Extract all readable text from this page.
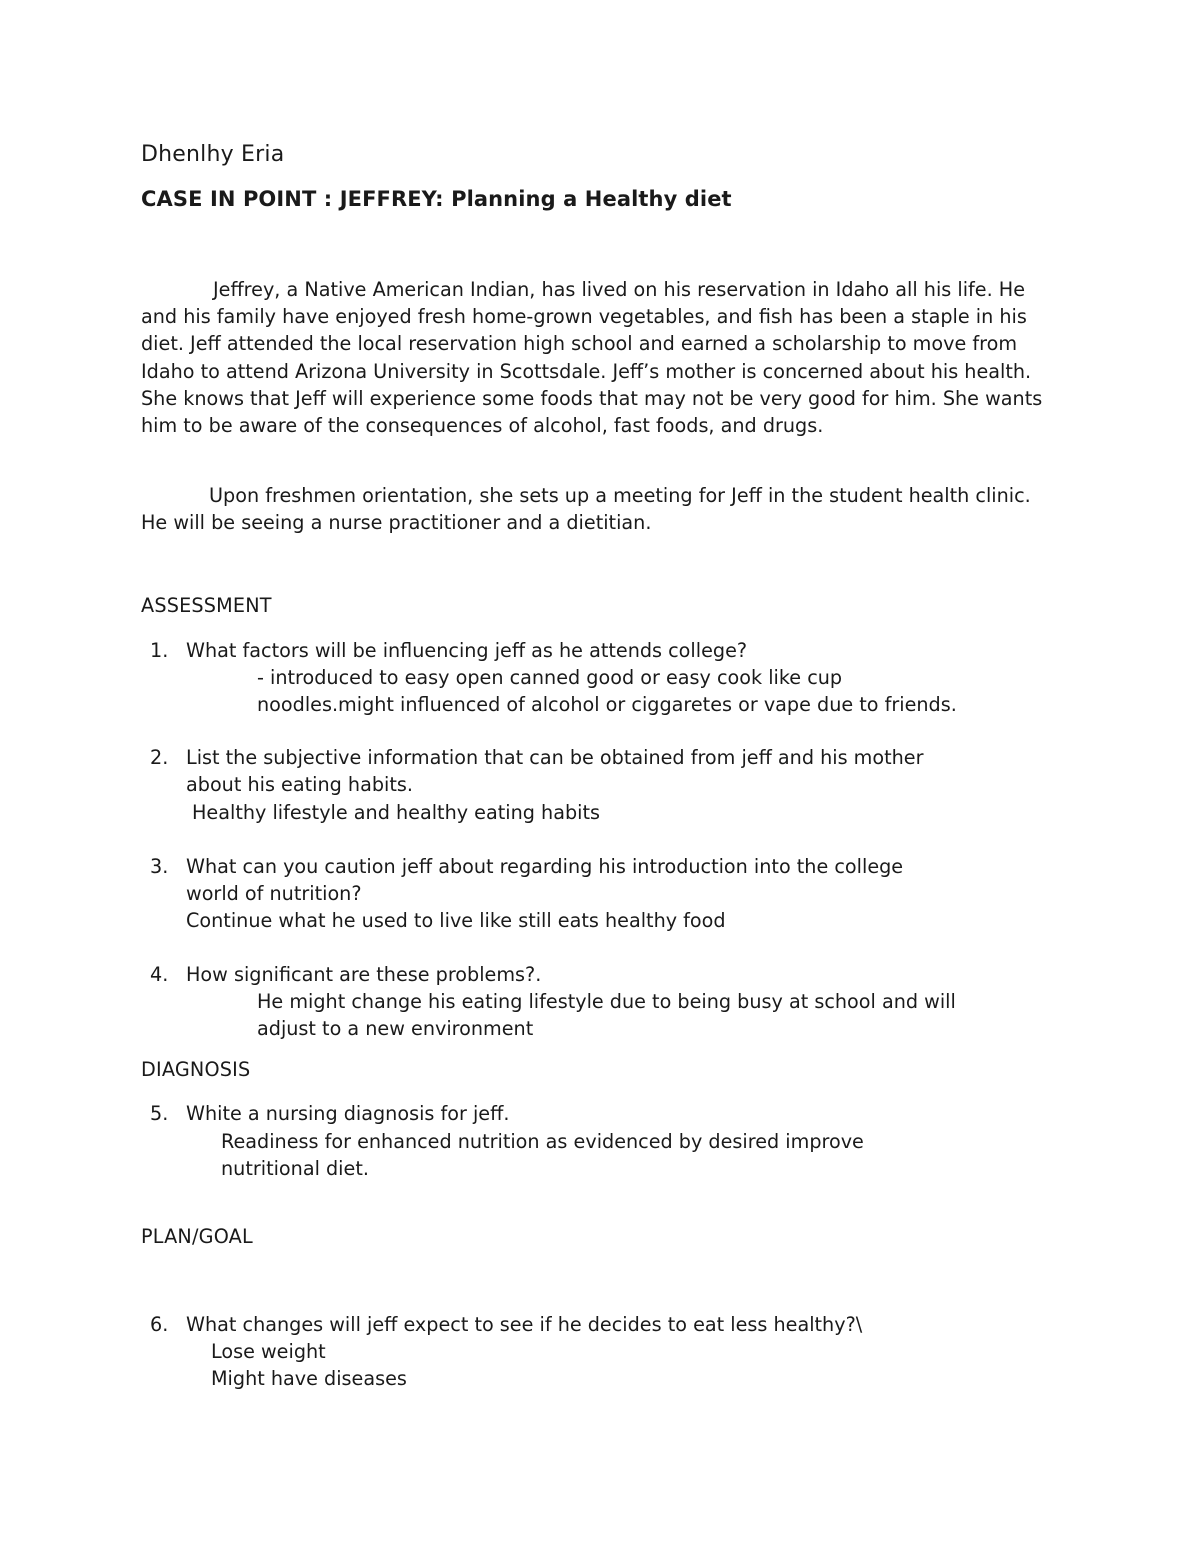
Dhenlhy Eria
CASE IN POINT : JEFFREY: Planning a Healthy diet

Jeffrey, a Native American Indian, has lived on his reservation in Idaho all his life. He and his family have enjoyed fresh home-grown vegetables, and fish has been a staple in his diet. Jeff attended the local reservation high school and earned a scholarship to move from Idaho to attend Arizona University in Scottsdale. Jeff’s mother is concerned about his health. She knows that Jeff will experience some foods that may not be very good for him. She wants him to be aware of the consequences of alcohol, fast foods, and drugs.

Upon freshmen orientation, she sets up a meeting for Jeff in the student health clinic. He will be seeing a nurse practitioner and a dietitian.

ASSESSMENT
1. What factors will be influencing jeff as he attends college?
- introduced to easy open canned good or easy cook like cup
noodles.might influenced of alcohol or ciggaretes or vape due to friends.
2. List the subjective information that can be obtained from jeff and his mother
about his eating habits.
Healthy lifestyle and healthy eating habits
3. What can you caution jeff about regarding his introduction into the college
world of nutrition?
Continue what he used to live like still eats healthy food
4. How significant are these problems?.
He might change his eating lifestyle due to being busy at school and will
adjust to a new environment
DIAGNOSIS
5. White a nursing diagnosis for jeff.
Readiness for enhanced nutrition as evidenced by desired improve
nutritional diet.
PLAN/GOAL
6. What changes will jeff expect to see if he decides to eat less healthy?\
Lose weight
Might have diseases
